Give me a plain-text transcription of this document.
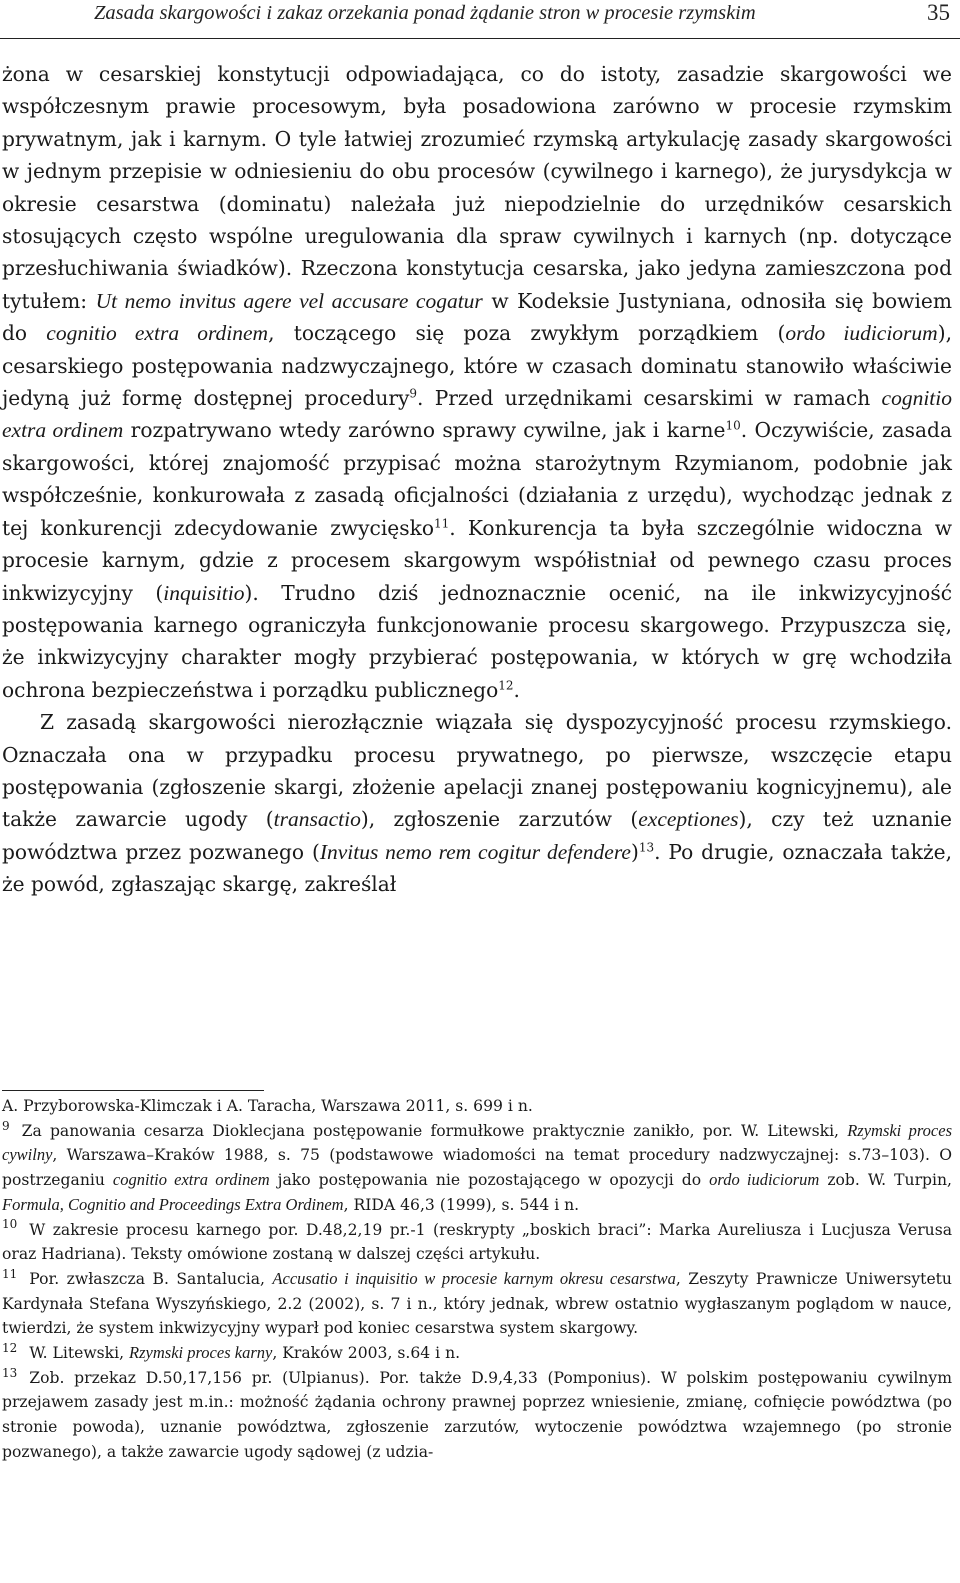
Zasada skargowości i zakaz orzekania ponad żądanie stron w procesie rzymskim	35

żona w cesarskiej konstytucji odpowiadająca, co do istoty, zasadzie skargowości we współczesnym prawie procesowym, była posadowiona zarówno w procesie rzymskim prywatnym, jak i karnym. O tyle łatwiej zrozumieć rzymską artykulację zasady skargowości w jednym przepisie w odniesieniu do obu procesów (cywilnego i karnego), że jurysdykcja w okresie cesarstwa (dominatu) należała już niepodzielnie do urzędników cesarskich stosujących często wspólne uregulowania dla spraw cywilnych i karnych (np. dotyczące przesłuchiwania świadków). Rzeczona konstytucja cesarska, jako jedyna zamieszczona pod tytułem: Ut nemo invitus agere vel accusare cogatur w Kodeksie Justyniana, odnosiła się bowiem do cognitio extra ordinem, toczącego się poza zwykłym porządkiem (ordo iudiciorum), cesarskiego postępowania nadzwyczajnego, które w czasach dominatu stanowiło właściwie jedyną już formę dostępnej procedury$^9$. Przed urzędnikami cesarskimi w ramach cognitio extra ordinem rozpatrywano wtedy zarówno sprawy cywilne, jak i karne$^{10}$. Oczywiście, zasada skargowości, której znajomość przypisać można starożytnym Rzymianom, podobnie jak współcześnie, konkurowała z zasadą oficjalności (działania z urzędu), wychodząc jednak z tej konkurencji zdecydowanie zwycięsko$^{11}$. Konkurencja ta była szczególnie widoczna w procesie karnym, gdzie z procesem skargowym współistniał od pewnego czasu proces inkwizycyjny (inquisitio). Trudno dziś jednoznacznie ocenić, na ile inkwizycyjność postępowania karnego ograniczyła funkcjonowanie procesu skargowego. Przypuszcza się, że inkwizycyjny charakter mogły przybierać postępowania, w których w grę wchodziła ochrona bezpieczeństwa i porządku publicznego$^{12}$.

Z zasadą skargowości nierozłącznie wiązała się dyspozycyjność procesu rzymskiego. Oznaczała ona w przypadku procesu prywatnego, po pierwsze, wszczęcie etapu postępowania (zgłoszenie skargi, złożenie apelacji znanej postępowaniu kognicyjnemu), ale także zawarcie ugody (transactio), zgłoszenie zarzutów (exceptiones), czy też uznanie powództwa przez pozwanego (Invitus nemo rem cogitur defendere)$^{13}$. Po drugie, oznaczała także, że powód, zgłaszając skargę, zakreślał

A. Przyborowska-Klimczak i A. Taracha, Warszawa 2011, s. 699 i n.

$^9$ Za panowania cesarza Dioklecjana postępowanie formułkowe praktycznie zanikło, por. W. Litewski, Rzymski proces cywilny, Warszawa–Kraków 1988, s. 75 (podstawowe wiadomości na temat procedury nadzwyczajnej: s.73–103). O postrzeganiu cognitio extra ordinem jako postępowania nie pozostającego w opozycji do ordo iudiciorum zob. W. Turpin, Formula, Cognitio and Proceedings Extra Ordinem, RIDA 46,3 (1999), s. 544 i n.

$^{10}$ W zakresie procesu karnego por. D.48,2,19 pr.-1 (reskrypty „boskich braci”: Marka Aureliusza i Lucjusza Verusa oraz Hadriana). Teksty omówione zostaną w dalszej części artykułu.

$^{11}$ Por. zwłaszcza B. Santalucia, Accusatio i inquisitio w procesie karnym okresu cesarstwa, Zeszyty Prawnicze Uniwersytetu Kardynała Stefana Wyszyńskiego, 2.2 (2002), s. 7 i n., który jednak, wbrew ostatnio wygłaszanym poglądom w nauce, twierdzi, że system inkwizycyjny wyparł pod koniec cesarstwa system skargowy.

$^{12}$ W. Litewski, Rzymski proces karny, Kraków 2003, s.64 i n.

$^{13}$ Zob. przekaz D.50,17,156 pr. (Ulpianus). Por. także D.9,4,33 (Pomponius). W polskim postępowaniu cywilnym przejawem zasady jest m.in.: możność żądania ochrony prawnej poprzez wniesienie, zmianę, cofnięcie powództwa (po stronie powoda), uznanie powództwa, zgłoszenie zarzutów, wytoczenie powództwa wzajemnego (po stronie pozwanego), a także zawarcie ugody sądowej (z udzia-
